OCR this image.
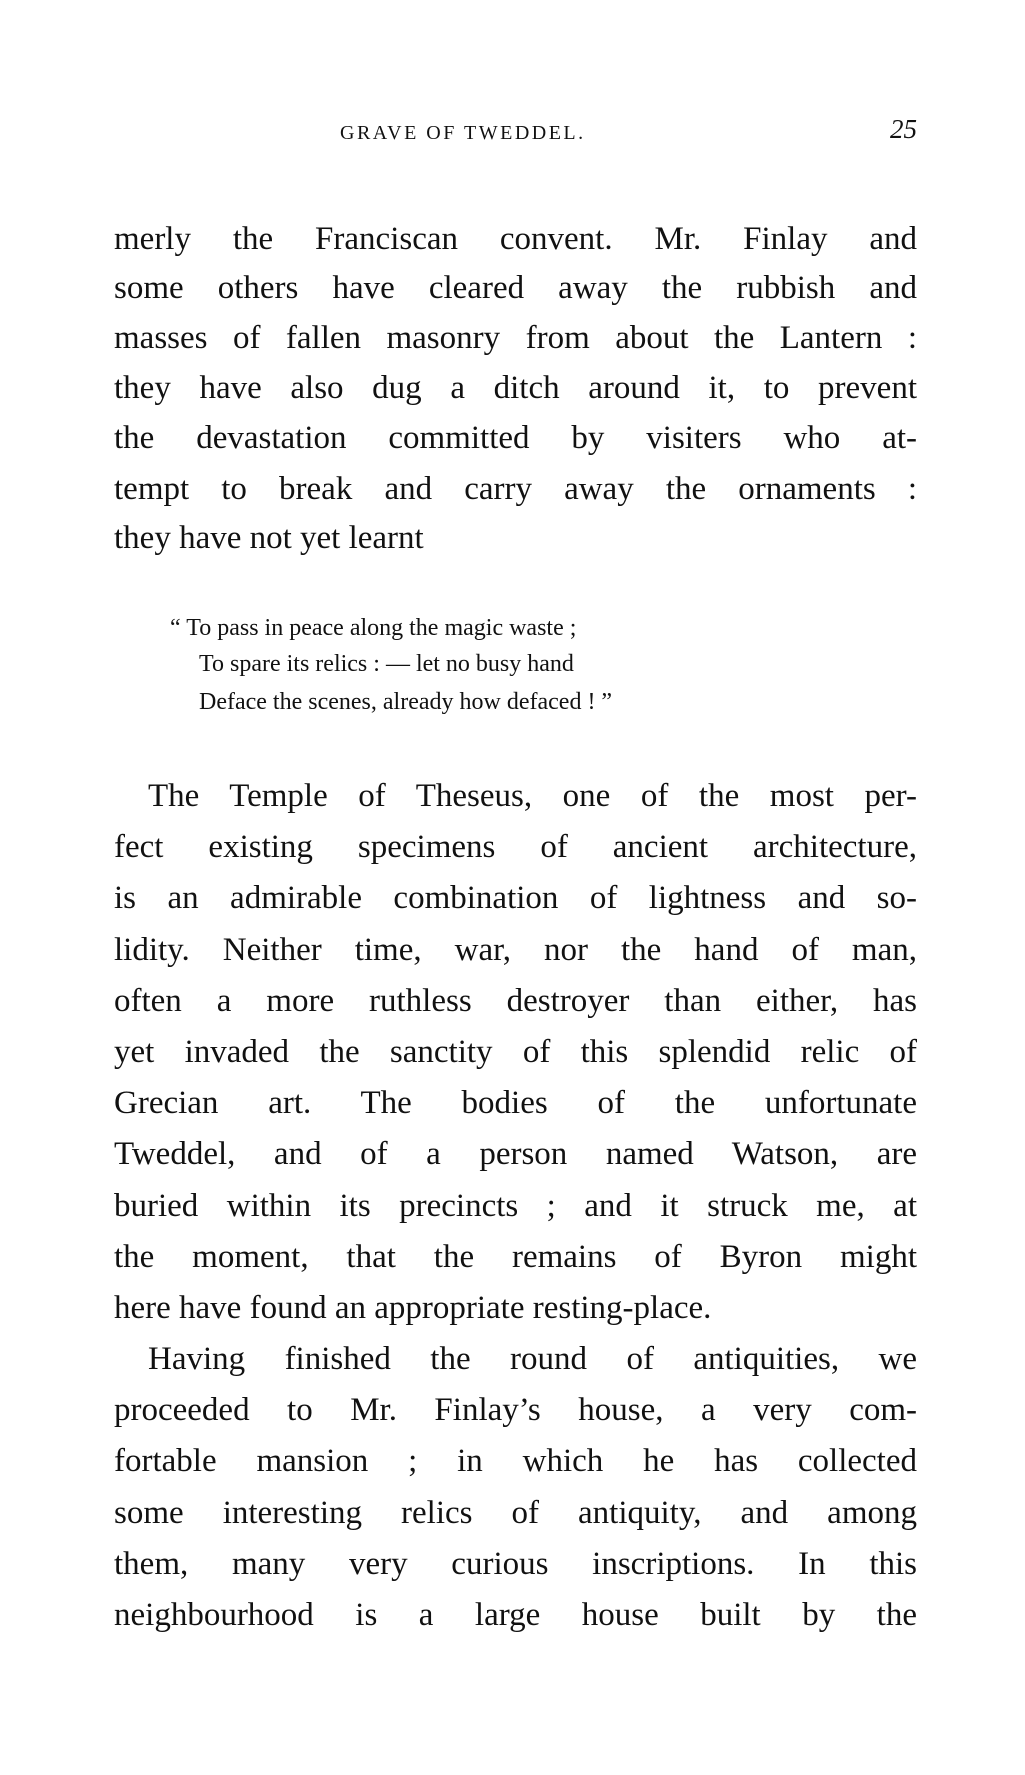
GRAVE OF TWEDDEL.	25
merly the Franciscan convent. Mr. Finlay and
some others have cleared away the rubbish and
masses of fallen masonry from about the Lantern :
they have also dug a ditch around it, to prevent
the devastation committed by visiters who at-
tempt to break and carry away the ornaments :
they have not yet learnt
“ To pass in peace along the magic waste ;
To spare its relics : — let no busy hand
Deface the scenes, already how defaced ! ”
The Temple of Theseus, one of the most per-
fect existing specimens of ancient architecture,
is an admirable combination of lightness and so-
lidity. Neither time, war, nor the hand of man,
often a more ruthless destroyer than either, has
yet invaded the sanctity of this splendid relic of
Grecian art. The bodies of the unfortunate
Tweddel, and of a person named Watson, are
buried within its precincts ; and it struck me, at
the moment, that the remains of Byron might
here have found an appropriate resting-place.
Having finished the round of antiquities, we
proceeded to Mr. Finlay’s house, a very com-
fortable mansion ; in which he has collected
some interesting relics of antiquity, and among
them, many very curious inscriptions. In this
neighbourhood is a large house built by the
